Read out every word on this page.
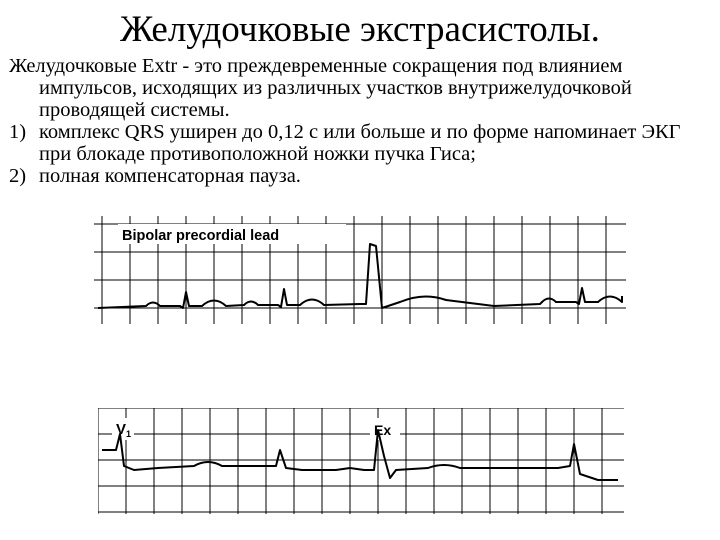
Желудочковые экстрасистолы.

Желудочковые Extr - это преждевременные сокращения под влиянием импульсов, исходящих из различных участков внутрижелудочковой проводящей системы.

1) комплекс QRS уширен до 0,12 с или больше и по форме напоминает ЭКГ при блокаде противоположной ножки пучка Гиса;
2) полная компенсаторная пауза.
Bipolar precordial lead
$V_1$	Ex
